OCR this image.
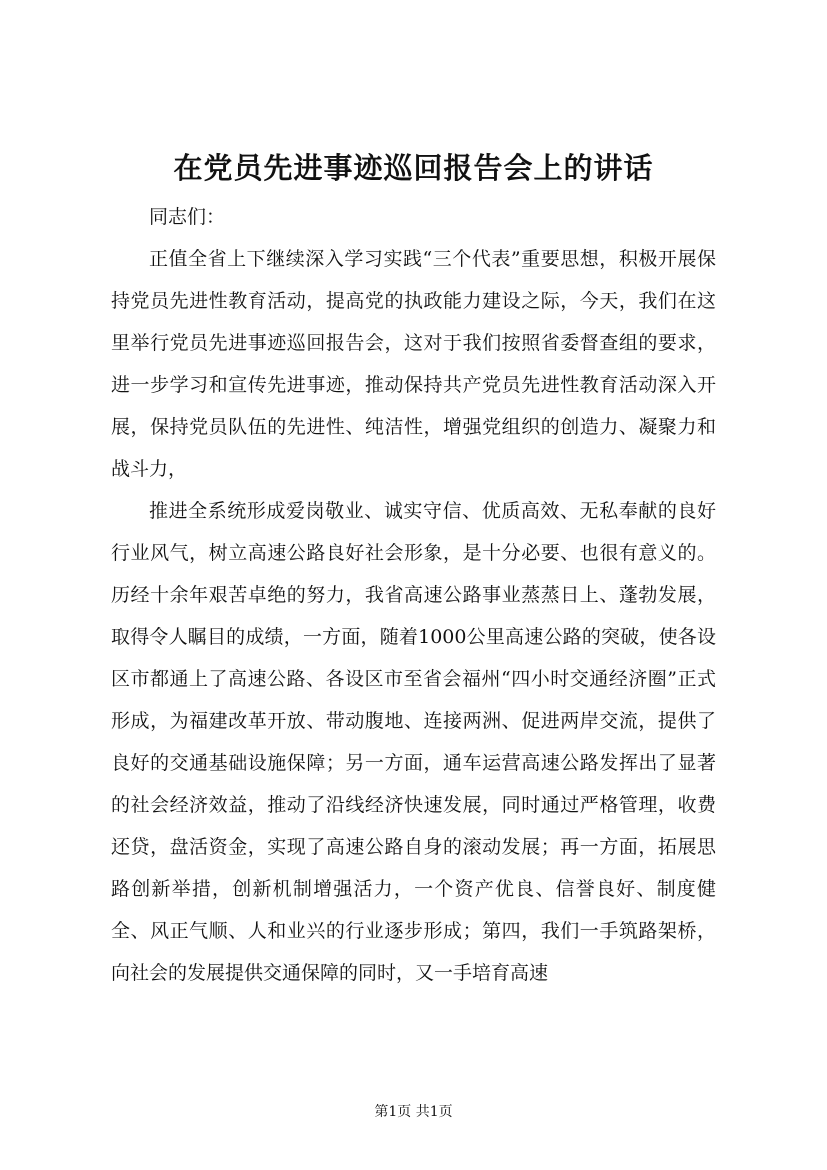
在党员先进事迹巡回报告会上的讲话

同志们：

正值全省上下继续深入学习实践“三个代表”重要思想，积极开展保持党员先进性教育活动，提高党的执政能力建设之际，今天，我们在这里举行党员先进事迹巡回报告会，这对于我们按照省委督查组的要求，进一步学习和宣传先进事迹，推动保持共产党员先进性教育活动深入开展，保持党员队伍的先进性、纯洁性，增强党组织的创造力、凝聚力和战斗力，

推进全系统形成爱岗敬业、诚实守信、优质高效、无私奉献的良好行业风气，树立高速公路良好社会形象，是十分必要、也很有意义的。历经十余年艰苦卓绝的努力，我省高速公路事业蒸蒸日上、蓬勃发展，取得令人瞩目的成绩，一方面，随着1000公里高速公路的突破，使各设区市都通上了高速公路、各设区市至省会福州“四小时交通经济圈”正式形成，为福建改革开放、带动腹地、连接两洲、促进两岸交流，提供了良好的交通基础设施保障；另一方面，通车运营高速公路发挥出了显著的社会经济效益，推动了沿线经济快速发展，同时通过严格管理，收费还贷，盘活资金，实现了高速公路自身的滚动发展；再一方面，拓展思路创新举措，创新机制增强活力，一个资产优良、信誉良好、制度健全、风正气顺、人和业兴的行业逐步形成；第四，我们一手筑路架桥，向社会的发展提供交通保障的同时，又一手培育高速

第1页 共1页
